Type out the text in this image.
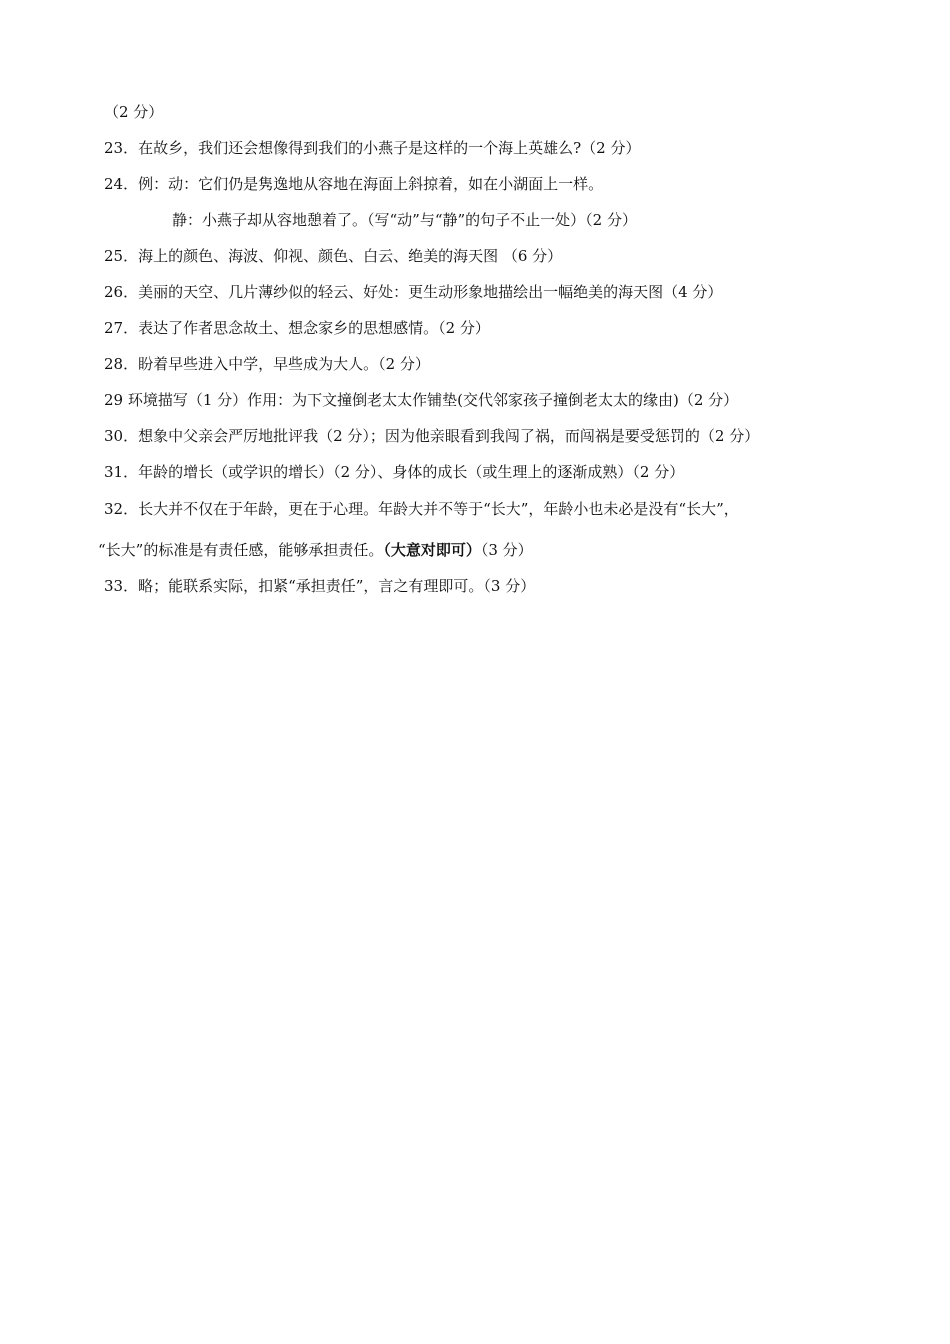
（2 分）
23．在故乡，我们还会想像得到我们的小燕子是这样的一个海上英雄么?（2 分）
24．例：动：它们仍是隽逸地从容地在海面上斜掠着，如在小湖面上一样。
静：小燕子却从容地憩着了。（写“动”与“静”的句子不止一处）（2 分）
25．海上的颜色、海波、仰视、颜色、白云、绝美的海天图 （6 分）
26．美丽的天空、几片薄纱似的轻云、好处：更生动形象地描绘出一幅绝美的海天图（4 分）
27．表达了作者思念故土、想念家乡的思想感情。（2 分）
28．盼着早些进入中学，早些成为大人。（2 分）
29 环境描写（1 分）作用：为下文撞倒老太太作铺垫(交代邻家孩子撞倒老太太的缘由)（2 分）
30．想象中父亲会严厉地批评我（2 分）；因为他亲眼看到我闯了祸，而闯祸是要受惩罚的（2 分）
31．年龄的增长（或学识的增长）（2 分）、身体的成长（或生理上的逐渐成熟）（2 分）
32．长大并不仅在于年龄，更在于心理。年龄大并不等于“长大”，年龄小也未必是没有“长大”，
“长大”的标准是有责任感，能够承担责任。（大意对即可）（3 分）
33．略；能联系实际，扣紧“承担责任”，言之有理即可。（3 分）
